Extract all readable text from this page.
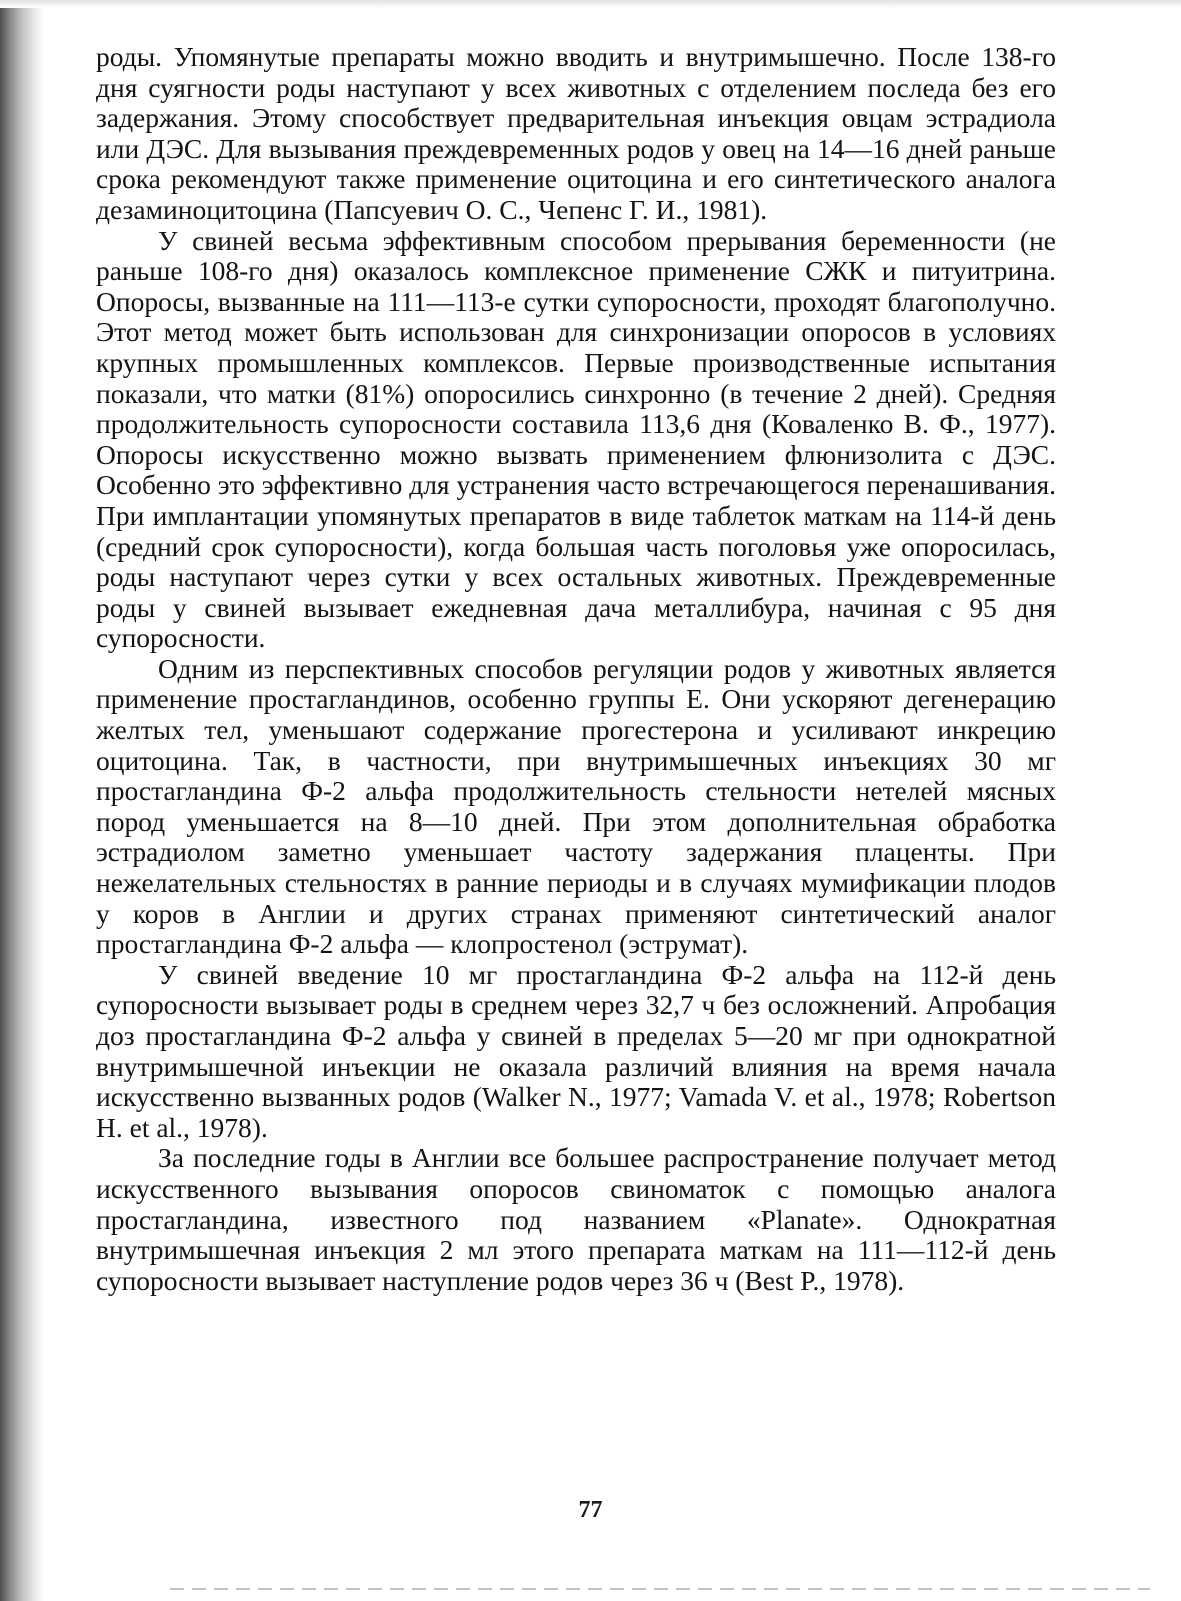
роды. Упомянутые препараты можно вводить и внутримышечно. После 138-го дня суягности роды наступают у всех животных с отделением последа без его задержания. Этому способствует предварительная инъекция овцам эстрадиола или ДЭС. Для вызывания преждевременных родов у овец на 14—16 дней раньше срока рекомендуют также применение оцитоцина и его синтетического аналога дезаминоцитоцина (Папсуевич О. С., Чепенс Г. И., 1981).

У свиней весьма эффективным способом прерывания беременности (не раньше 108-го дня) оказалось комплексное применение СЖК и питуитрина. Опоросы, вызванные на 111—113-е сутки супоросности, проходят благополучно. Этот метод может быть использован для синхронизации опоросов в условиях крупных промышленных комплексов. Первые производственные испытания показали, что матки (81%) опоросились синхронно (в течение 2 дней). Средняя продолжительность супоросности составила 113,6 дня (Коваленко В. Ф., 1977). Опоросы искусственно можно вызвать применением флюнизолита с ДЭС. Особенно это эффективно для устранения часто встречающегося перенашивания. При имплантации упомянутых препаратов в виде таблеток маткам на 114-й день (средний срок супоросности), когда большая часть поголовья уже опоросилась, роды наступают через сутки у всех остальных животных. Преждевременные роды у свиней вызывает ежедневная дача металлибура, начиная с 95 дня супоросности.

Одним из перспективных способов регуляции родов у животных является применение простагландинов, особенно группы Е. Они ускоряют дегенерацию желтых тел, уменьшают содержание прогестерона и усиливают инкрецию оцитоцина. Так, в частности, при внутримышечных инъекциях 30 мг простагландина Ф-2 альфа продолжительность стельности нетелей мясных пород уменьшается на 8—10 дней. При этом дополнительная обработка эстрадиолом заметно уменьшает частоту задержания плаценты. При нежелательных стельностях в ранние периоды и в случаях мумификации плодов у коров в Англии и других странах применяют синтетический аналог простагландина Ф-2 альфа — клопростенол (эструмат).

У свиней введение 10 мг простагландина Ф-2 альфа на 112-й день супоросности вызывает роды в среднем через 32,7 ч без осложнений. Апробация доз простагландина Ф-2 альфа у свиней в пределах 5—20 мг при однократной внутримышечной инъекции не оказала различий влияния на время начала искусственно вызванных родов (Walker N., 1977; Vamada V. et al., 1978; Robertson H. et al., 1978).

За последние годы в Англии все большее распространение получает метод искусственного вызывания опоросов свиноматок с помощью аналога простагландина, известного под названием «Planate». Однократная внутримышечная инъекция 2 мл этого препарата маткам на 111—112-й день супоросности вызывает наступление родов через 36 ч (Best P., 1978).

77
